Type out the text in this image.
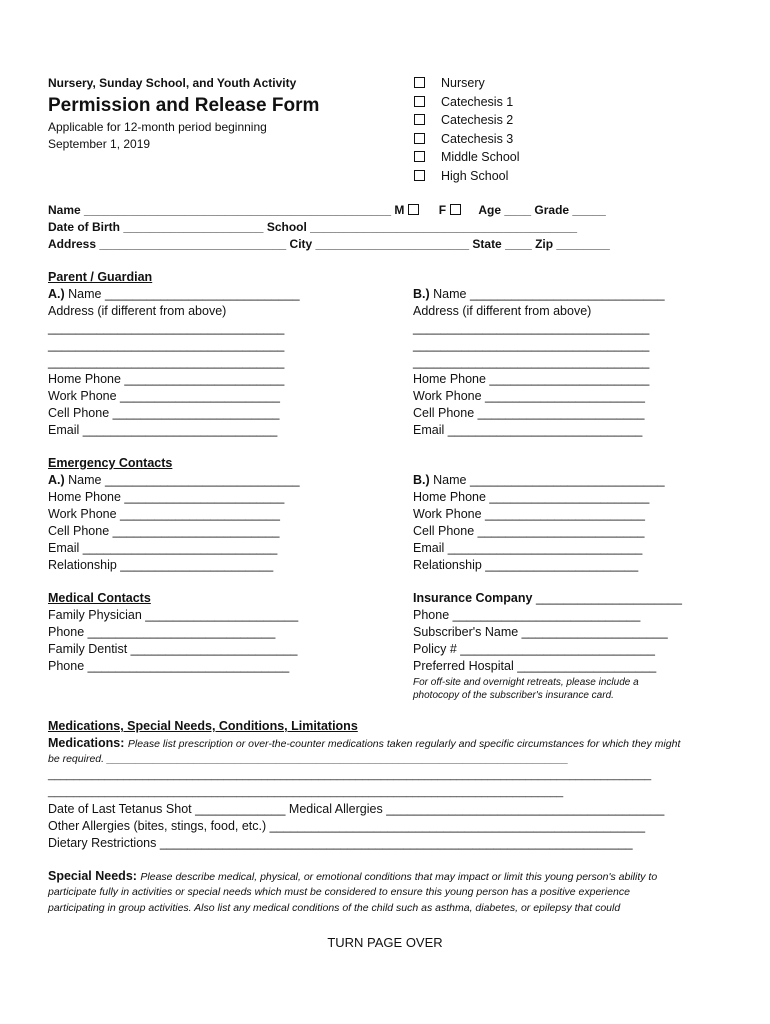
Nursery, Sunday School, and Youth Activity
Permission and Release Form
Applicable for 12-month period beginning
September 1, 2019
Nursery
Catechesis 1
Catechesis 2
Catechesis 3
Middle School
High School
Name ______________________________________________ M	F	Age ____ Grade _____
Date of Birth _____________________ School ________________________________________
Address ____________________________ City _______________________ State ____ Zip ________
Parent / Guardian
A.) Name ____________________________
Address (if different from above)
__________________________________
__________________________________
__________________________________
Home Phone _______________________
Work Phone _______________________
Cell Phone ________________________
Email ____________________________
B.) Name ____________________________
Address (if different from above)
__________________________________
__________________________________
__________________________________
Home Phone _______________________
Work Phone _______________________
Cell Phone ________________________
Email ____________________________
Emergency Contacts
A.) Name ____________________________
Home Phone _______________________
Work Phone _______________________
Cell Phone ________________________
Email ____________________________
Relationship ______________________
B.) Name ____________________________
Home Phone _______________________
Work Phone _______________________
Cell Phone ________________________
Email ____________________________
Relationship ______________________
Medical Contacts
Family Physician ______________________
Phone ___________________________
Family Dentist ________________________
Phone _____________________________
Insurance Company _____________________
Phone ___________________________
Subscriber's Name _____________________
Policy # ____________________________
Preferred Hospital ____________________
For off-site and overnight retreats, please include a
photocopy of the subscriber's insurance card.
Medications, Special Needs, Conditions, Limitations
Medications: Please list prescription or over-the-counter medications taken regularly and specific circumstances for which they might
be required. _______________________________________________________________________________
________________________________________________________________________________________________
__________________________________________________________________________________
Date of Last Tetanus Shot _____________ Medical Allergies ________________________________________
Other Allergies (bites, stings, food, etc.) ______________________________________________________
Dietary Restrictions ____________________________________________________________________
Special Needs: Please describe medical, physical, or emotional conditions that may impact or limit this young person's ability to
participate fully in activities or special needs which must be considered to ensure this young person has a positive experience
participating in group activities. Also list any medical conditions of the child such as asthma, diabetes, or epilepsy that could
TURN PAGE OVER
